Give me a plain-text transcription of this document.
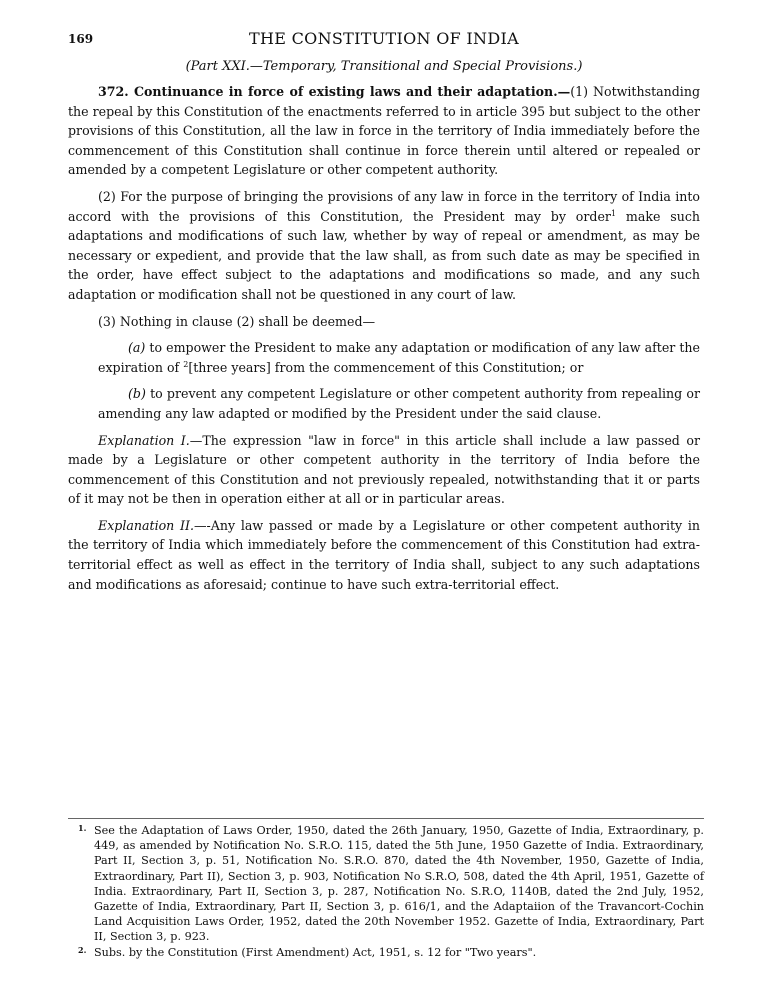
169	THE CONSTITUTION OF INDIA
(Part XXI.—Temporary, Transitional and Special Provisions.)

372. Continuance in force of existing laws and their adaptation.—(1) Notwithstanding the repeal by this Constitution of the enactments referred to in article 395 but subject to the other provisions of this Constitution, all the law in force in the territory of India immediately before the commencement of this Constitution shall continue in force therein until altered or repealed or amended by a competent Legislature or other competent authority.

(2) For the purpose of bringing the provisions of any law in force in the territory of India into accord with the provisions of this Constitution, the President may by order$^1$ make such adaptations and modifications of such law, whether by way of repeal or amendment, as may be necessary or expedient, and provide that the law shall, as from such date as may be specified in the order, have effect subject to the adaptations and modifications so made, and any such adaptation or modification shall not be questioned in any court of law.

(3) Nothing in clause (2) shall be deemed—

(a) to empower the President to make any adaptation or modification of any law after the expiration of $^2$[three years] from the commencement of this Constitution; or

(b) to prevent any competent Legislature or other competent authority from repealing or amending any law adapted or modified by the President under the said clause.

Explanation I.—The expression "law in force" in this article shall include a law passed or made by a Legislature or other competent authority in the territory of India before the commencement of this Constitution and not previously repealed, notwithstanding that it or parts of it may not be then in operation either at all or in particular areas.

Explanation II.—-Any law passed or made by a Legislature or other competent authority in the territory of India which immediately before the commencement of this Constitution had extra-territorial effect as well as effect in the territory of India shall, subject to any such adaptations and modifications as aforesaid; continue to have such extra-territorial effect.

1. See the Adaptation of Laws Order, 1950, dated the 26th January, 1950, Gazette of India, Extraordinary, p. 449, as amended by Notification No. S.R.O. 115, dated the 5th June, 1950 Gazette of India. Extraordinary, Part II, Section 3, p. 51, Notification No. S.R.O. 870, dated the 4th November, 1950, Gazette of India, Extraordinary, Part II), Section 3, p. 903, Notification No S.R.O, 508, dated the 4th April, 1951, Gazette of India. Extraordinary, Part II, Section 3, p. 287, Notification No. S.R.O, 1140B, dated the 2nd July, 1952, Gazette of India, Extraordinary, Part II, Section 3, p. 616/1, and the Adaptaiion of the Travancort-Cochin Land Acquisition Laws Order, 1952, dated the 20th November 1952. Gazette of India, Extraordinary, Part II, Section 3, p. 923.

2. Subs. by the Constitution (First Amendment) Act, 1951, s. 12 for "Two years".
